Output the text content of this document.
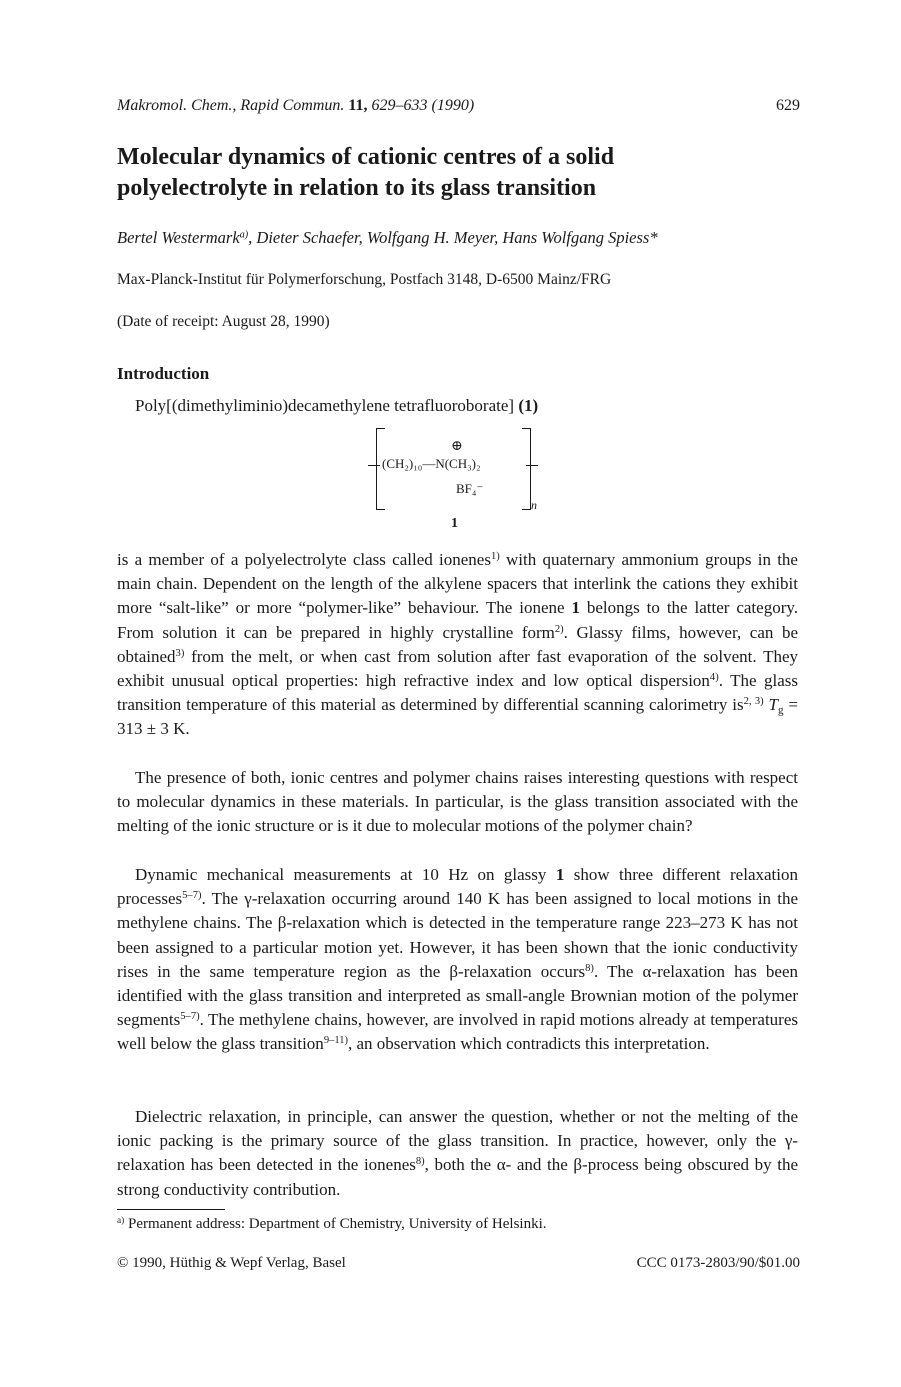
Makromol. Chem., Rapid Commun. 11, 629–633 (1990)	629
Molecular dynamics of cationic centres of a solid
polyelectrolyte in relation to its glass transition
Bertel Westermark$^{a)}$, Dieter Schaefer, Wolfgang H. Meyer, Hans Wolfgang Spiess*
Max-Planck-Institut für Polymerforschung, Postfach 3148, D-6500 Mainz/FRG
(Date of receipt: August 28, 1990)
Introduction
Poly[(dimethyliminio)decamethylene tetrafluoroborate] (1)
⊕
(CH₂)₁₀—N(CH₃)₂
BF₄⁻
n
1

is a member of a polyelectrolyte class called ionenes$^{1)}$ with quaternary ammonium groups in the main chain. Dependent on the length of the alkylene spacers that interlink the cations they exhibit more “salt-like” or more “polymer-like” behaviour. The ionene 1 belongs to the latter category. From solution it can be prepared in highly crystalline form$^{2)}$. Glassy films, however, can be obtained$^{3)}$ from the melt, or when cast from solution after fast evaporation of the solvent. They exhibit unusual optical properties: high refractive index and low optical dispersion$^{4)}$. The glass transition temperature of this material as determined by differential scanning calorimetry is$^{2, 3)}$ $T_g = 313 \pm 3$ K.

The presence of both, ionic centres and polymer chains raises interesting questions with respect to molecular dynamics in these materials. In particular, is the glass transition associated with the melting of the ionic structure or is it due to molecular motions of the polymer chain?

Dynamic mechanical measurements at 10 Hz on glassy 1 show three different relaxation processes$^{5-7)}$. The γ-relaxation occurring around 140 K has been assigned to local motions in the methylene chains. The β-relaxation which is detected in the temperature range 223–273 K has not been assigned to a particular motion yet. However, it has been shown that the ionic conductivity rises in the same temperature region as the β-relaxation occurs$^{8)}$. The α-relaxation has been identified with the glass transition and interpreted as small-angle Brownian motion of the polymer segments$^{5-7)}$. The methylene chains, however, are involved in rapid motions already at temperatures well below the glass transition$^{9-11)}$, an observation which contradicts this interpretation.

Dielectric relaxation, in principle, can answer the question, whether or not the melting of the ionic packing is the primary source of the glass transition. In practice, however, only the γ-relaxation has been detected in the ionenes$^{8)}$, both the α- and the β-process being obscured by the strong conductivity contribution.

$^{a)}$ Permanent address: Department of Chemistry, University of Helsinki.
© 1990, Hüthig & Wepf Verlag, Basel	CCC 0173-2803/90/$01.00
